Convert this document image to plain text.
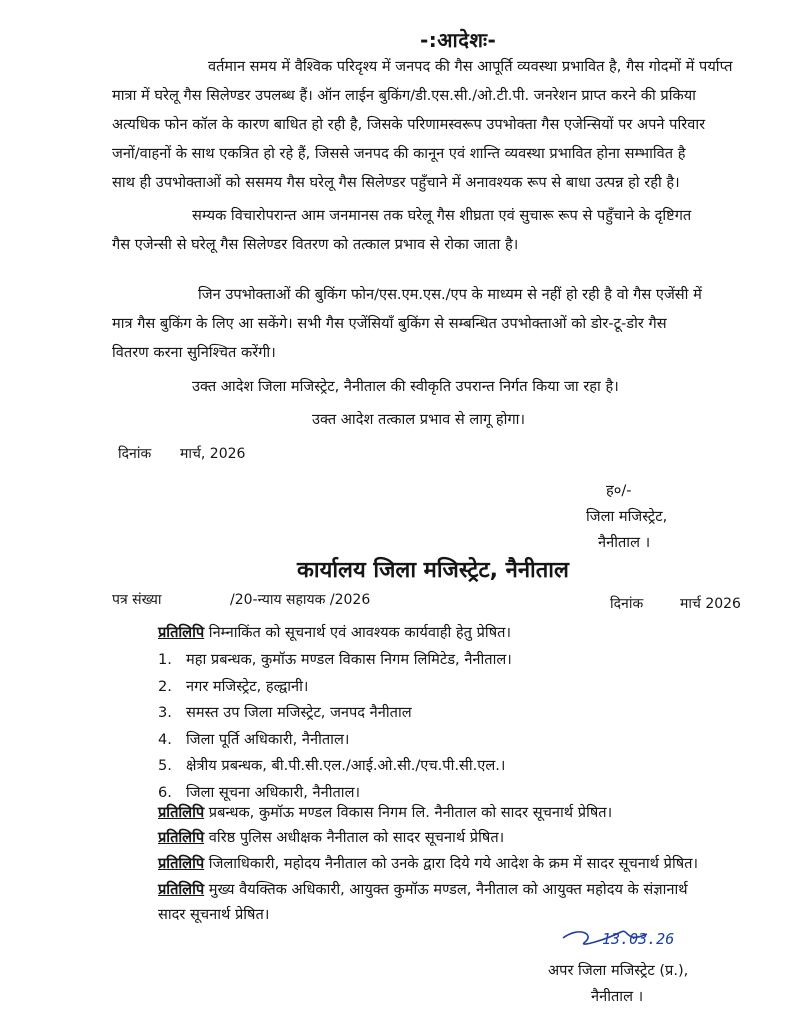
-:आदेशः-
वर्तमान समय में वैश्विक परिदृश्य में जनपद की गैस आपूर्ति व्यवस्था प्रभावित है, गैस गोदमों में पर्याप्त
मात्रा में घरेलू गैस सिलेण्डर उपलब्ध हैं। ऑन लाईन बुकिंग/डी.एस.सी./ओ.टी.पी. जनरेशन प्राप्त करने की प्रकिया
अत्यधिक फोन कॉल के कारण बाधित हो रही है, जिसके परिणामस्वरूप उपभोक्ता गैस एजेन्सियों पर अपने परिवार
जनों/वाहनों के साथ एकत्रित हो रहे हैं, जिससे जनपद की कानून एवं शान्ति व्यवस्था प्रभावित होना सम्भावित है
साथ ही उपभोक्ताओं को ससमय गैस घरेलू गैस सिलेण्डर पहुँचाने में अनावश्यक रूप से बाधा उत्पन्न हो रही है।
सम्यक विचारोपरान्त आम जनमानस तक घरेलू गैस शीघ्रता एवं सुचारू रूप से पहुँचाने के दृष्टिगत
गैस एजेन्सी से घरेलू गैस सिलेण्डर वितरण को तत्काल प्रभाव से रोका जाता है।
जिन उपभोक्ताओं की बुकिंग फोन/एस.एम.एस./एप के माध्यम से नहीं हो रही है वो गैस एजेंसी में
मात्र गैस बुकिंग के लिए आ सकेंगे। सभी गैस एजेंसियाँ बुकिंग से सम्बन्धित उपभोक्ताओं को डोर-टू-डोर गैस
वितरण करना सुनिश्चित करेंगी।
उक्त आदेश जिला मजिस्ट्रेट, नैनीताल की स्वीकृति उपरान्त निर्गत किया जा रहा है।
उक्त आदेश तत्काल प्रभाव से लागू होगा।
दिनांक मार्च, 2026
ह०/-
जिला मजिस्ट्रेट,
नैनीताल ।
कार्यालय जिला मजिस्ट्रेट, नैनीताल
पत्र संख्या	/20-न्याय सहायक /2026	दिनांक	मार्च 2026
प्रतिलिपि निम्नाकिंत को सूचनार्थ एवं आवश्यक कार्यवाही हेतु प्रेषित।
1. महा प्रबन्धक, कुमॉऊ मण्डल विकास निगम लिमिटेड, नैनीताल।
2. नगर मजिस्ट्रेट, हल्द्वानी।
3. समस्त उप जिला मजिस्ट्रेट, जनपद नैनीताल
4. जिला पूर्ति अधिकारी, नैनीताल।
5. क्षेत्रीय प्रबन्धक, बी.पी.सी.एल./आई.ओ.सी./एच.पी.सी.एल.।
6. जिला सूचना अधिकारी, नैनीताल।
प्रतिलिपि प्रबन्धक, कुमॉऊ मण्डल विकास निगम लि. नैनीताल को सादर सूचनार्थ प्रेषित।
प्रतिलिपि वरिष्ठ पुलिस अधीक्षक नैनीताल को सादर सूचनार्थ प्रेषित।
प्रतिलिपि जिलाधिकारी, महोदय नैनीताल को उनके द्वारा दिये गये आदेश के क्रम में सादर सूचनार्थ प्रेषित।
प्रतिलिपि मुख्य वैयक्तिक अधिकारी, आयुक्त कुमॉऊ मण्डल, नैनीताल को आयुक्त महोदय के संज्ञानार्थ
सादर सूचनार्थ प्रेषित।
13.03.26
अपर जिला मजिस्ट्रेट (प्र.),
नैनीताल ।
